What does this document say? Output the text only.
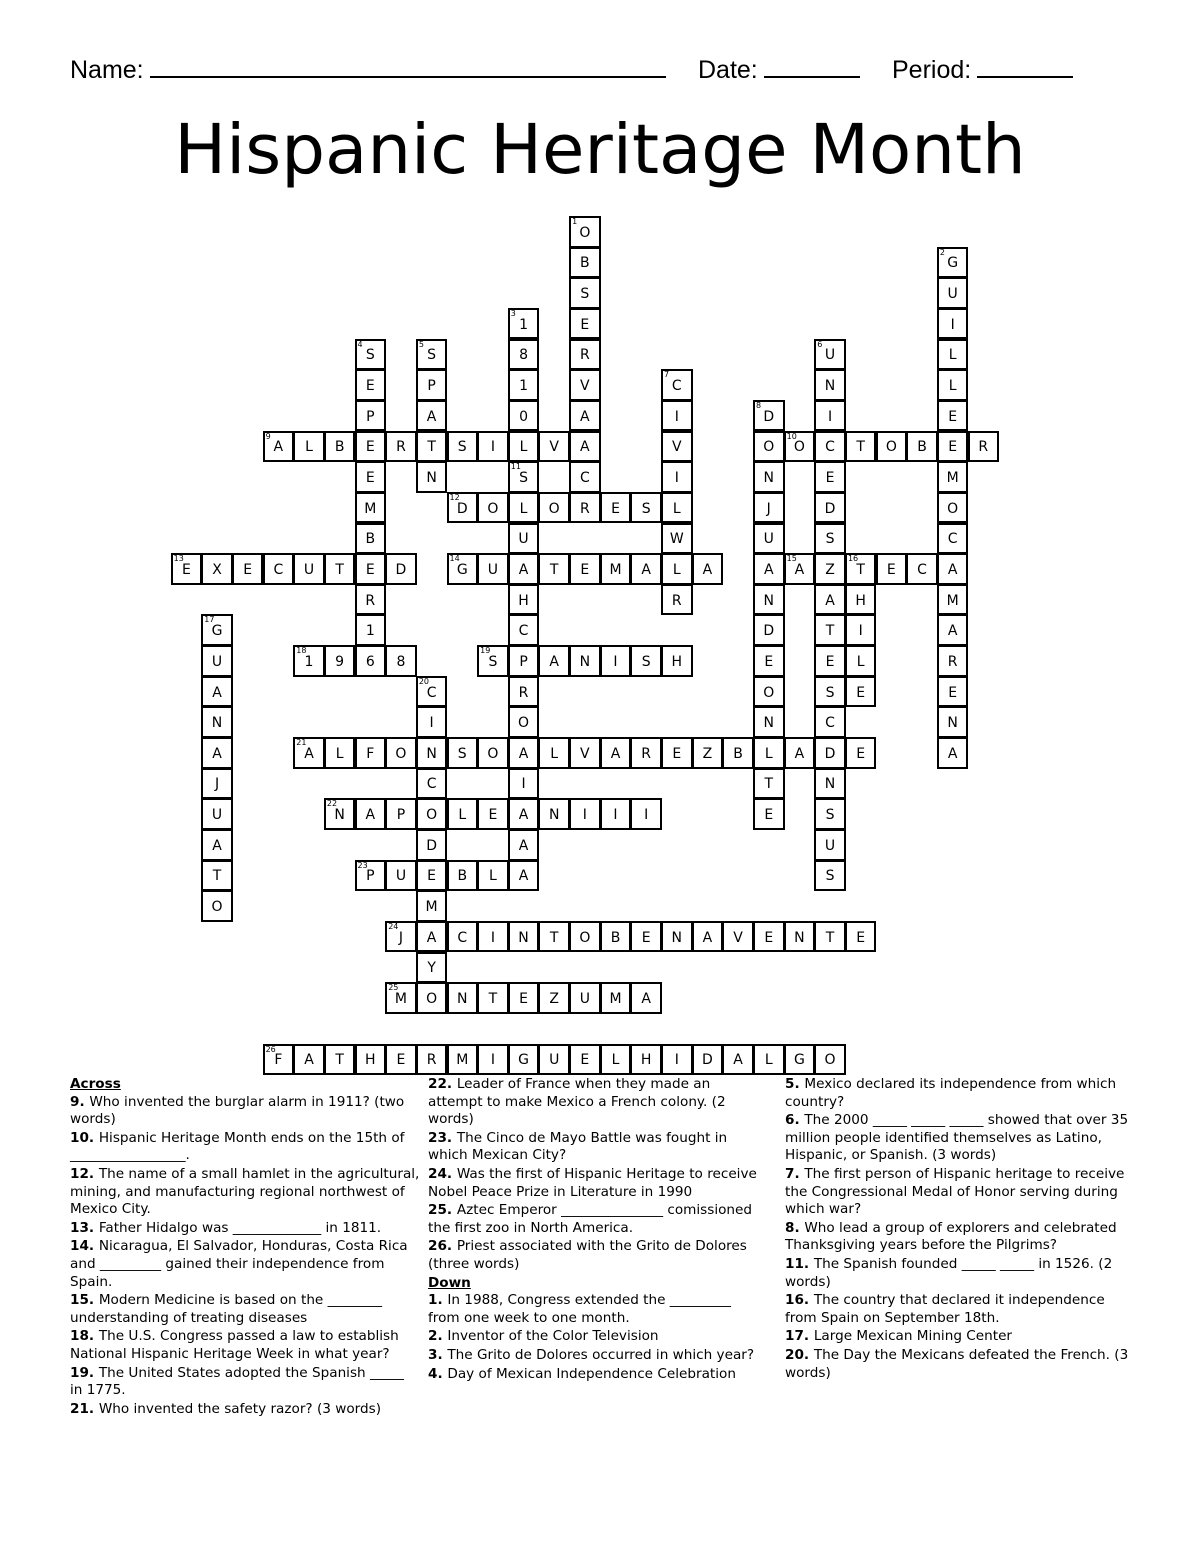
Name:	Date:	Period:
Hispanic Heritage Month
A
9
L B E R T S I L V A	O
10
C T O B E R
D
12
O L O R E S
E
13
X E C U T E D	G
14
U A T E M A L A	A
15
Z T
16
E C
1
18
9 6 8	S
19
P A N I S H
A
21
L F O N S O A L V A R E Z B L A D E
N
22
A P O L E A N I I I
P
23
U E B L A
J
24
A C I N T O B E N A V E N T E
M
25
O N T E Z U M A
F
26
A T H E R M I G U E L H I D A L G O
O
1
B
S
E
R
V
A
C
G
2
U
I
L
L
E
M
O
C
A
M
A
R
E
N
A
1
3
8
1
0
S
4
E
P
E
M
B
R
1
S
5
P
A
N
U
6
N
I
E
D
S
A
T
E
S
C
N
S
U
S
C
7
I
V
I
L
W
R
D
8
O
N
J
U
A
N
D
E
O
N
T
E
S
11
U
H
C
R
O
I
A
H
I
L
E
G
17
U
A
N
A
J
U
A
T
O
C
20
I
C
D
M
Y
Across
9. Who invented the burglar alarm in 1911? (two words)
10. Hispanic Heritage Month ends on the 15th of _________________.
12. The name of a small hamlet in the agricultural, mining, and manufacturing regional northwest of Mexico City.
13. Father Hidalgo was _____________ in 1811.
14. Nicaragua, El Salvador, Honduras, Costa Rica and _________ gained their independence from Spain.
15. Modern Medicine is based on the ________ understanding of treating diseases
18. The U.S. Congress passed a law to establish National Hispanic Heritage Week in what year?
19. The United States adopted the Spanish _____ in 1775.
21. Who invented the safety razor? (3 words)
22. Leader of France when they made an attempt to make Mexico a French colony. (2 words)
23. The Cinco de Mayo Battle was fought in which Mexican City?
24. Was the first of Hispanic Heritage to receive Nobel Peace Prize in Literature in 1990
25. Aztec Emperor _______________ comissioned the first zoo in North America.
26. Priest associated with the Grito de Dolores (three words)
Down
1. In 1988, Congress extended the _________ from one week to one month.
2. Inventor of the Color Television
3. The Grito de Dolores occurred in which year?
4. Day of Mexican Independence Celebration
5. Mexico declared its independence from which country?
6. The 2000 _____ _____ _____ showed that over 35 million people identified themselves as Latino, Hispanic, or Spanish. (3 words)
7. The first person of Hispanic heritage to receive the Congressional Medal of Honor serving during which war?
8. Who lead a group of explorers and celebrated Thanksgiving years before the Pilgrims?
11. The Spanish founded _____ _____ in 1526. (2 words)
16. The country that declared it independence from Spain on September 18th.
17. Large Mexican Mining Center
20. The Day the Mexicans defeated the French. (3 words)
